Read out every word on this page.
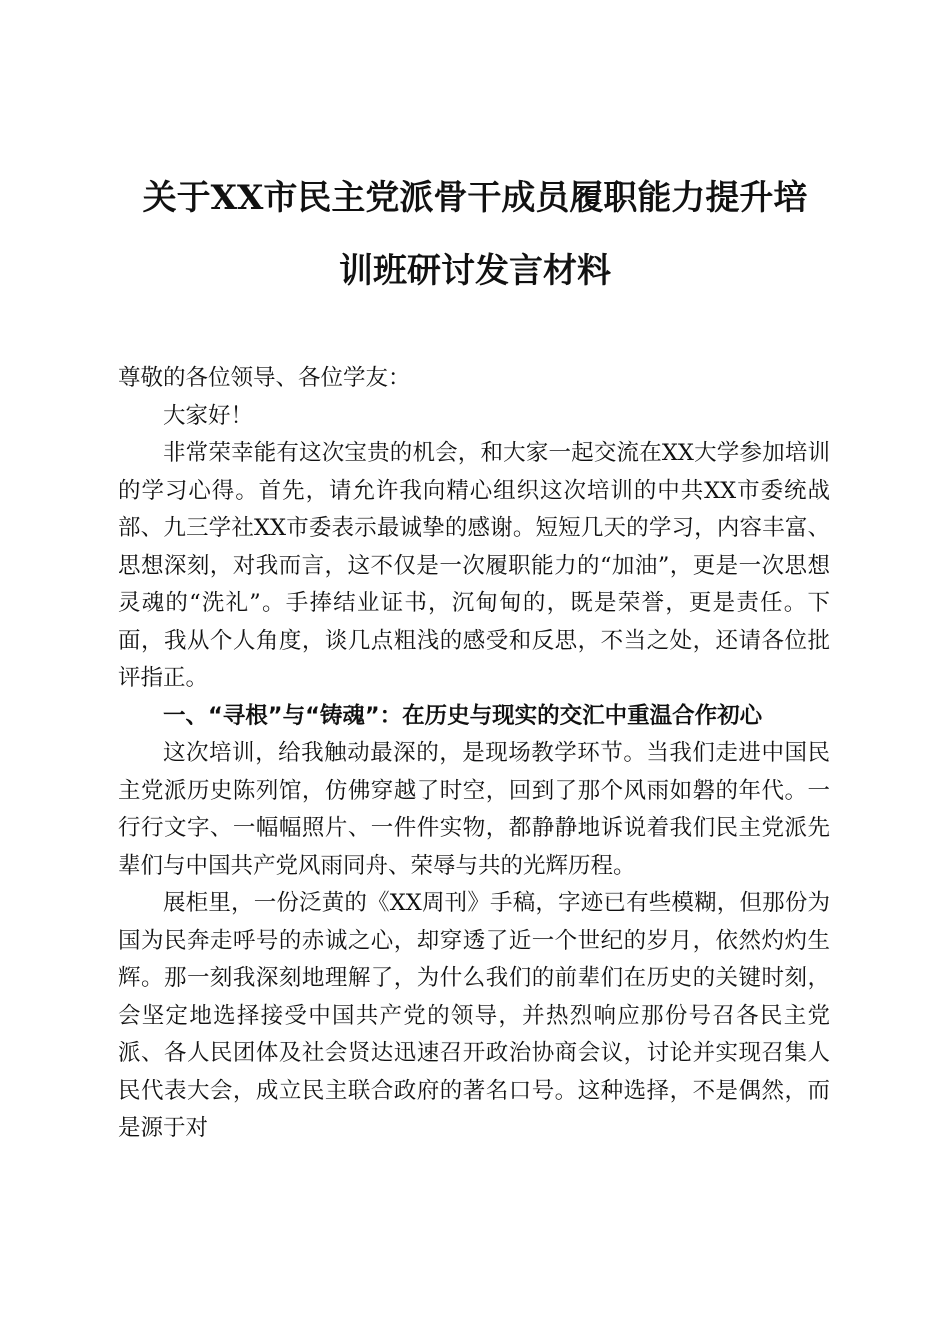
关于XX市民主党派骨干成员履职能力提升培
训班研讨发言材料

尊敬的各位领导、各位学友：

大家好！

非常荣幸能有这次宝贵的机会，和大家一起交流在XX大学参加培训的学习心得。首先，请允许我向精心组织这次培训的中共XX市委统战部、九三学社XX市委表示最诚挚的感谢。短短几天的学习，内容丰富、思想深刻，对我而言，这不仅是一次履职能力的“加油”，更是一次思想灵魂的“洗礼”。手捧结业证书，沉甸甸的，既是荣誉，更是责任。下面，我从个人角度，谈几点粗浅的感受和反思，不当之处，还请各位批评指正。

一、“寻根”与“铸魂”：在历史与现实的交汇中重温合作初心

这次培训，给我触动最深的，是现场教学环节。当我们走进中国民主党派历史陈列馆，仿佛穿越了时空，回到了那个风雨如磐的年代。一行行文字、一幅幅照片、一件件实物，都静静地诉说着我们民主党派先辈们与中国共产党风雨同舟、荣辱与共的光辉历程。

展柜里，一份泛黄的《XX周刊》手稿，字迹已有些模糊，但那份为国为民奔走呼号的赤诚之心，却穿透了近一个世纪的岁月，依然灼灼生辉。那一刻我深刻地理解了，为什么我们的前辈们在历史的关键时刻，会坚定地选择接受中国共产党的领导，并热烈响应那份号召各民主党派、各人民团体及社会贤达迅速召开政治协商会议，讨论并实现召集人民代表大会，成立民主联合政府的著名口号。这种选择，不是偶然，而是源于对
